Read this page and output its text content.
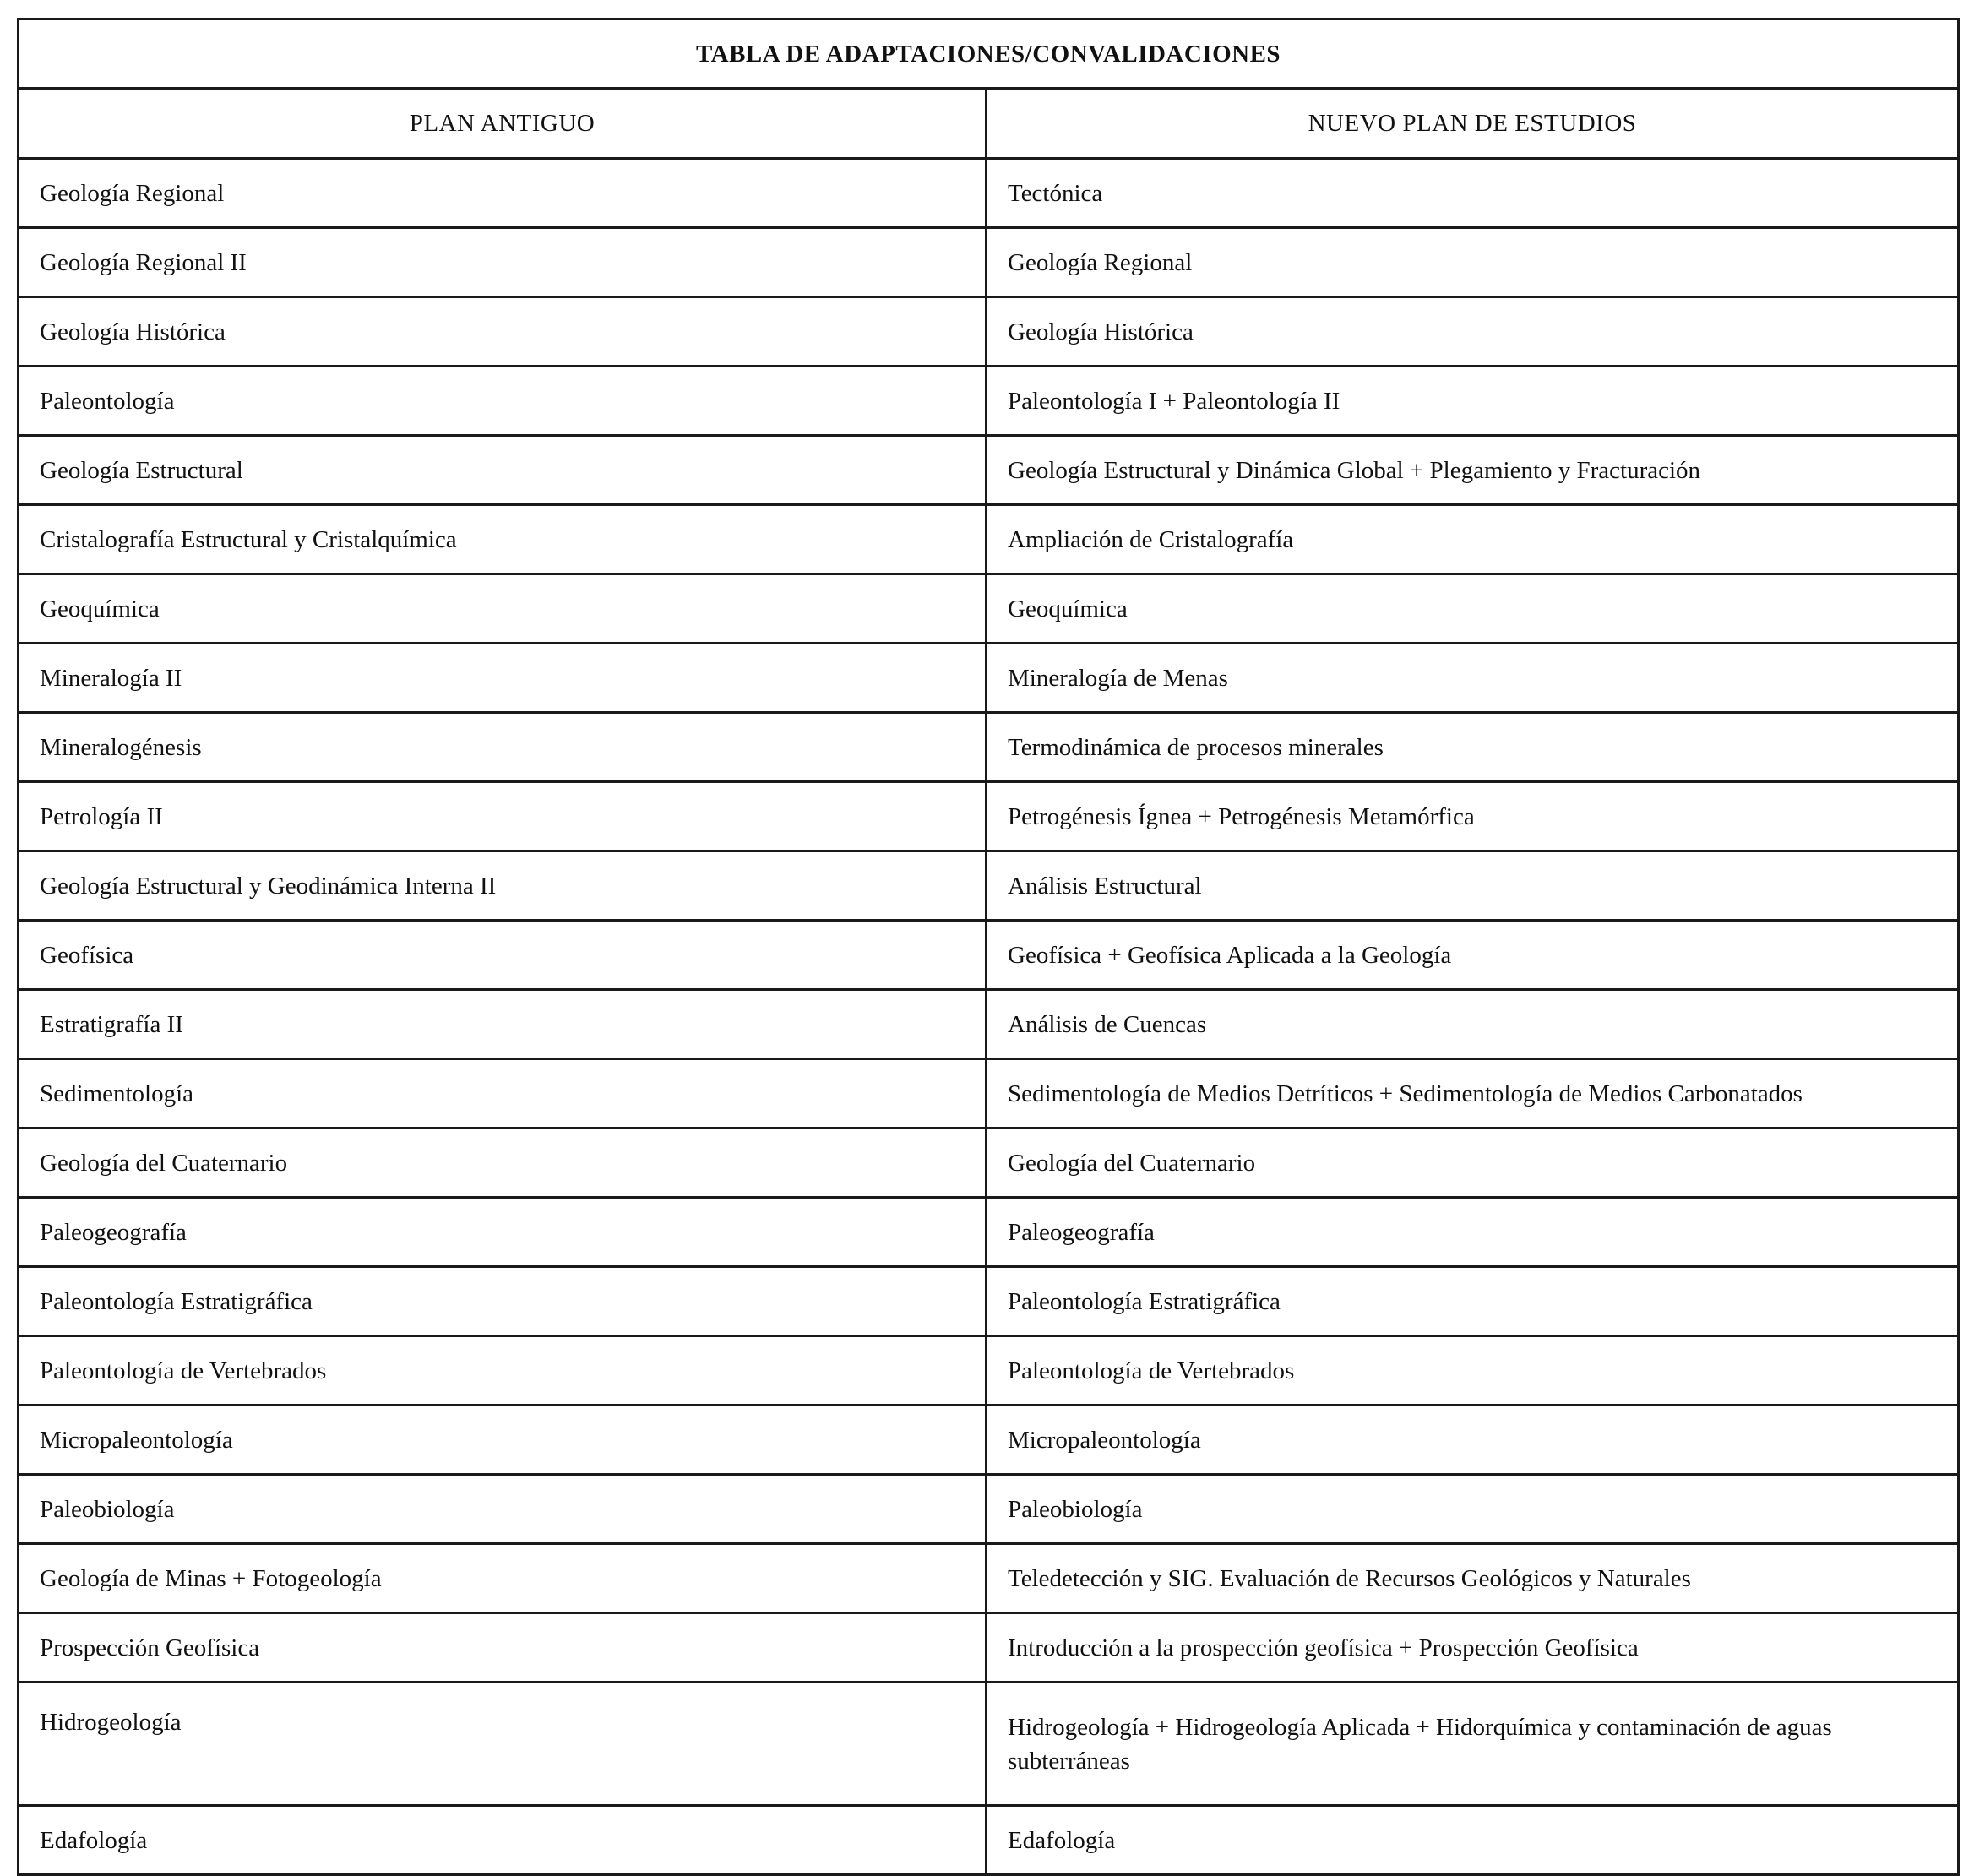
TABLA DE ADAPTACIONES/CONVALIDACIONES	
PLAN ANTIGUO	NUEVO PLAN DE ESTUDIOS
Geología Regional	Tectónica
Geología Regional II	Geología Regional
Geología Histórica	Geología Histórica
Paleontología	Paleontología I + Paleontología II
Geología Estructural	Geología Estructural y Dinámica Global + Plegamiento y Fracturación
Cristalografía Estructural y Cristalquímica	Ampliación de Cristalografía
Geoquímica	Geoquímica
Mineralogía II	Mineralogía de Menas
Mineralogénesis	Termodinámica de procesos minerales
Petrología II	Petrogénesis Ígnea + Petrogénesis Metamórfica
Geología Estructural y Geodinámica Interna II	Análisis Estructural
Geofísica	Geofísica + Geofísica Aplicada a la Geología
Estratigrafía II	Análisis de Cuencas
Sedimentología	Sedimentología de Medios Detríticos + Sedimentología de Medios Carbonatados
Geología del Cuaternario	Geología del Cuaternario
Paleogeografía	Paleogeografía
Paleontología Estratigráfica	Paleontología Estratigráfica
Paleontología de Vertebrados	Paleontología de Vertebrados
Micropaleontología	Micropaleontología
Paleobiología	Paleobiología
Geología de Minas + Fotogeología	Teledetección y SIG. Evaluación de Recursos Geológicos y Naturales
Prospección Geofísica	Introducción a la prospección geofísica + Prospección Geofísica
Hidrogeología	Hidrogeología + Hidrogeología Aplicada + Hidorquímica y contaminación de aguas subterráneas
Edafología	Edafología
